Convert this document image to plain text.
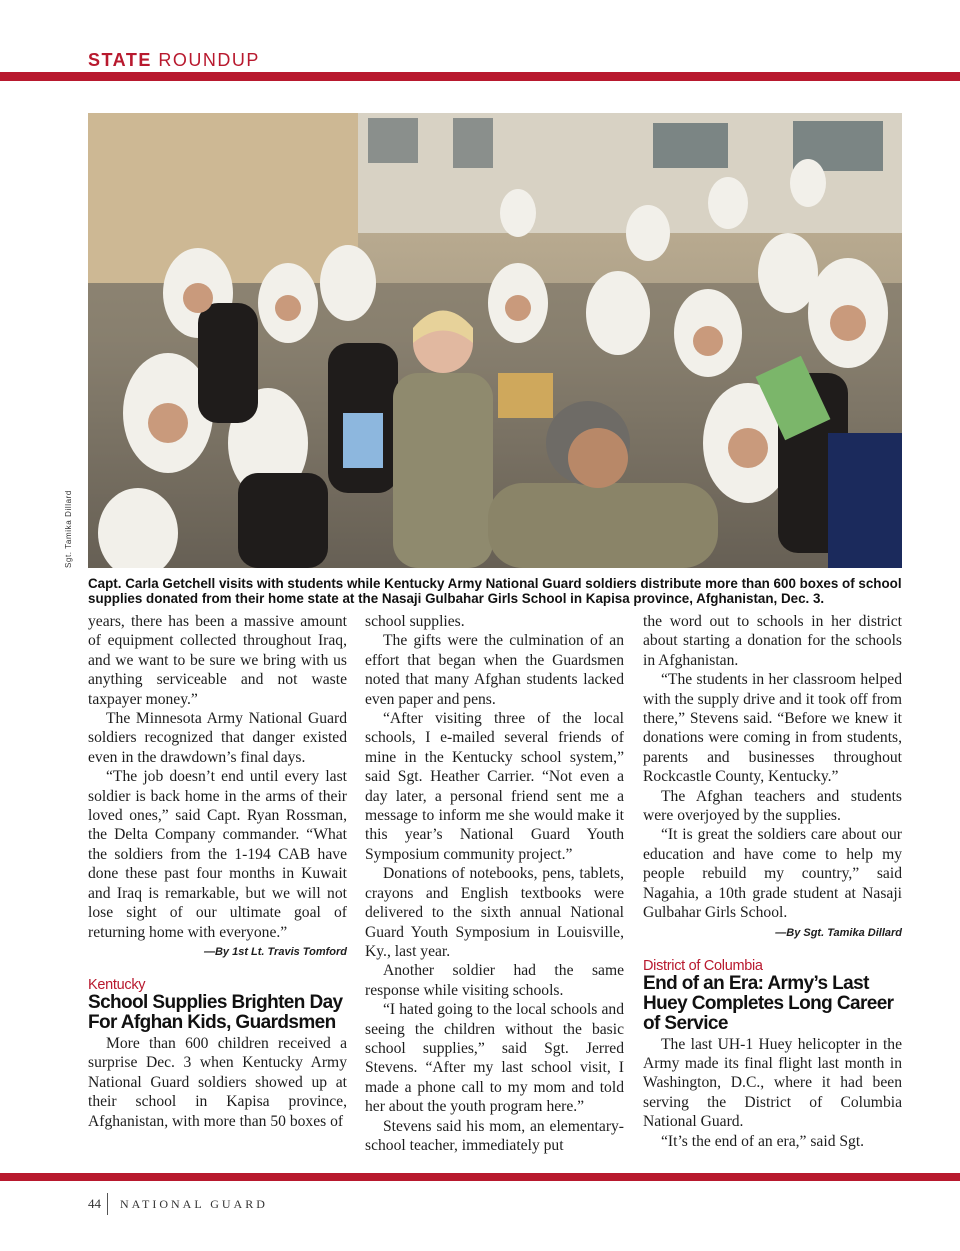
STATE ROUNDUP
Sgt. Tamika Dillard
Capt. Carla Getchell visits with students while Kentucky Army National Guard soldiers distribute more than 600 boxes of school supplies donated from their home state at the Nasaji Gulbahar Girls School in Kapisa province, Afghanistan, Dec. 3.

years, there has been a massive amount of equipment collected throughout Iraq, and we want to be sure we bring with us anything serviceable and not waste taxpayer money.”

The Minnesota Army National Guard soldiers recognized that danger existed even in the drawdown’s final days.

“The job doesn’t end until every last soldier is back home in the arms of their loved ones,” said Capt. Ryan Rossman, the Delta Company commander. “What the soldiers from the 1-194 CAB have done these past four months in Kuwait and Iraq is remarkable, but we will not lose sight of our ultimate goal of returning home with everyone.”

—By 1st Lt. Travis Tomford
Kentucky
School Supplies Brighten Day For Afghan Kids, Guardsmen

More than 600 children received a surprise Dec. 3 when Kentucky Army National Guard soldiers showed up at their school in Kapisa province, Afghanistan, with more than 50 boxes of

school supplies.

The gifts were the culmination of an effort that began when the Guardsmen noted that many Afghan students lacked even paper and pens.

“After visiting three of the local schools, I e-mailed several friends of mine in the Kentucky school system,” said Sgt. Heather Carrier. “Not even a day later, a personal friend sent me a message to inform me she would make it this year’s National Guard Youth Symposium community project.”

Donations of notebooks, pens, tablets, crayons and English textbooks were delivered to the sixth annual National Guard Youth Symposium in Louisville, Ky., last year.

Another soldier had the same response while visiting schools.

“I hated going to the local schools and seeing the children without the basic school supplies,” said Sgt. Jerred Stevens. “After my last school visit, I made a phone call to my mom and told her about the youth program here.”

Stevens said his mom, an elementary-school teacher, immediately put

the word out to schools in her district about starting a donation for the schools in Afghanistan.

“The students in her classroom helped with the supply drive and it took off from there,” Stevens said. “Before we knew it donations were coming in from students, parents and businesses throughout Rockcastle County, Kentucky.”

The Afghan teachers and students were overjoyed by the supplies.

“It is great the soldiers care about our education and have come to help my people rebuild my country,” said Nagahia, a 10th grade student at Nasaji Gulbahar Girls School.

—By Sgt. Tamika Dillard
District of Columbia
End of an Era: Army’s Last Huey Completes Long Career of Service

The last UH-1 Huey helicopter in the Army made its final flight last month in Washington, D.C., where it had been serving the District of Columbia National Guard.

“It’s the end of an era,” said Sgt.

44	NATIONAL GUARD
